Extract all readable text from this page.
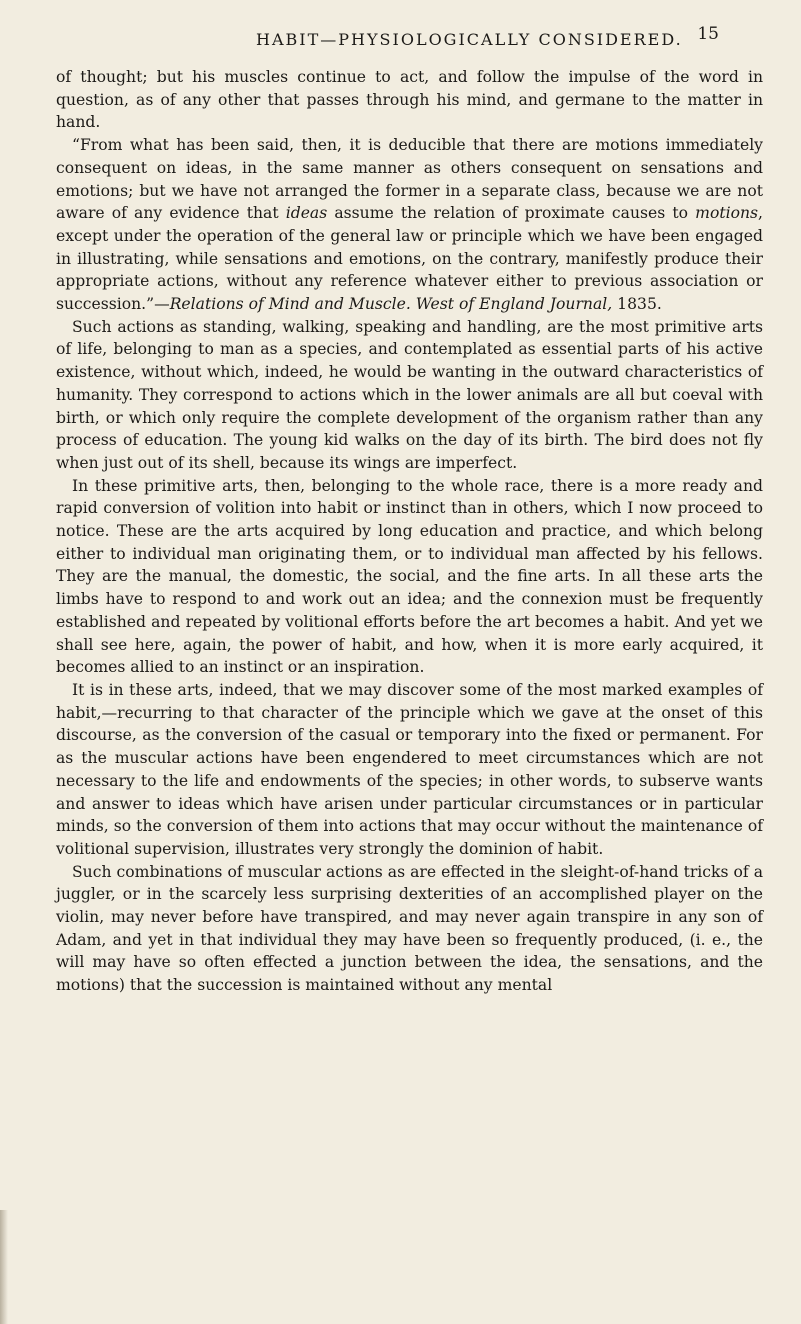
HABIT—PHYSIOLOGICALLY CONSIDERED. 15

of thought; but his muscles continue to act, and follow the impulse of the word in question, as of any other that passes through his mind, and germane to the matter in hand.

“From what has been said, then, it is deducible that there are motions immediately consequent on ideas, in the same manner as others consequent on sensations and emotions; but we have not arranged the former in a separate class, because we are not aware of any evidence that ideas assume the relation of proximate causes to motions, except under the operation of the general law or principle which we have been engaged in illustrating, while sensations and emotions, on the contrary, manifestly produce their appropriate actions, without any reference whatever either to previous association or succession.”—Relations of Mind and Muscle. West of England Journal, 1835.

Such actions as standing, walking, speaking and handling, are the most primitive arts of life, belonging to man as a species, and contemplated as essential parts of his active existence, without which, indeed, he would be wanting in the outward characteristics of humanity. They correspond to actions which in the lower animals are all but coeval with birth, or which only require the complete development of the organism rather than any process of education. The young kid walks on the day of its birth. The bird does not fly when just out of its shell, because its wings are imperfect.

In these primitive arts, then, belonging to the whole race, there is a more ready and rapid conversion of volition into habit or instinct than in others, which I now proceed to notice. These are the arts acquired by long education and practice, and which belong either to individual man originating them, or to individual man affected by his fellows. They are the manual, the domestic, the social, and the fine arts. In all these arts the limbs have to respond to and work out an idea; and the connexion must be frequently established and repeated by volitional efforts before the art becomes a habit. And yet we shall see here, again, the power of habit, and how, when it is more early acquired, it becomes allied to an instinct or an inspiration.

It is in these arts, indeed, that we may discover some of the most marked examples of habit,—recurring to that character of the principle which we gave at the onset of this discourse, as the conversion of the casual or temporary into the fixed or permanent. For as the muscular actions have been engendered to meet circumstances which are not necessary to the life and endowments of the species; in other words, to subserve wants and answer to ideas which have arisen under particular circumstances or in particular minds, so the conversion of them into actions that may occur without the maintenance of volitional supervision, illustrates very strongly the dominion of habit.

Such combinations of muscular actions as are effected in the sleight-of-hand tricks of a juggler, or in the scarcely less surprising dexterities of an accomplished player on the violin, may never before have transpired, and may never again transpire in any son of Adam, and yet in that individual they may have been so frequently produced, (i. e., the will may have so often effected a junction between the idea, the sensations, and the motions) that the succession is maintained without any mental
